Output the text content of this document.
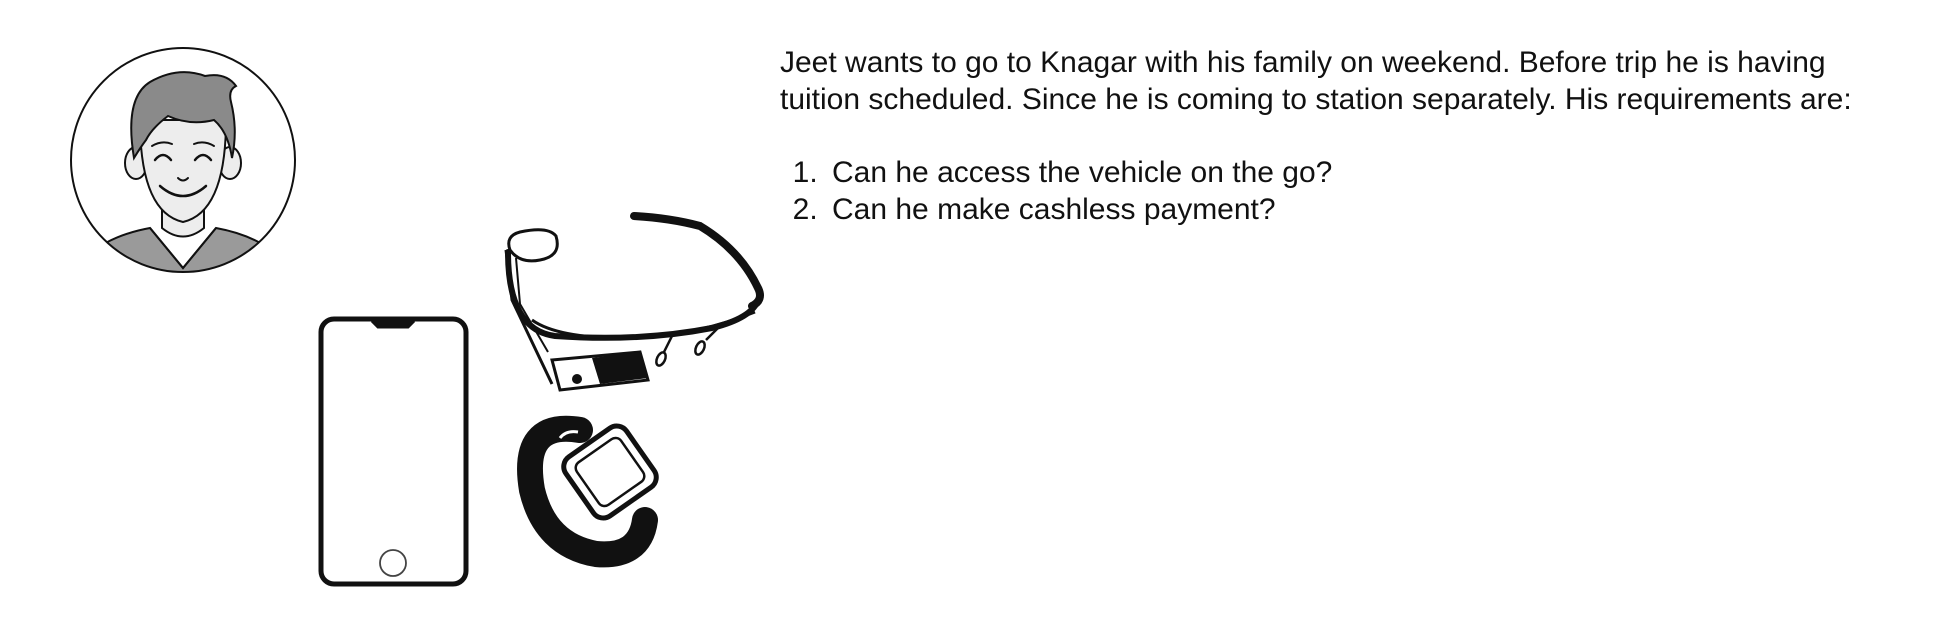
Jeet wants to go to Knagar with his family on weekend. Before trip he is having tuition scheduled. Since he is coming to station separately. His requirements are:

1. Can he access the vehicle on the go?
2. Can he make cashless payment?
